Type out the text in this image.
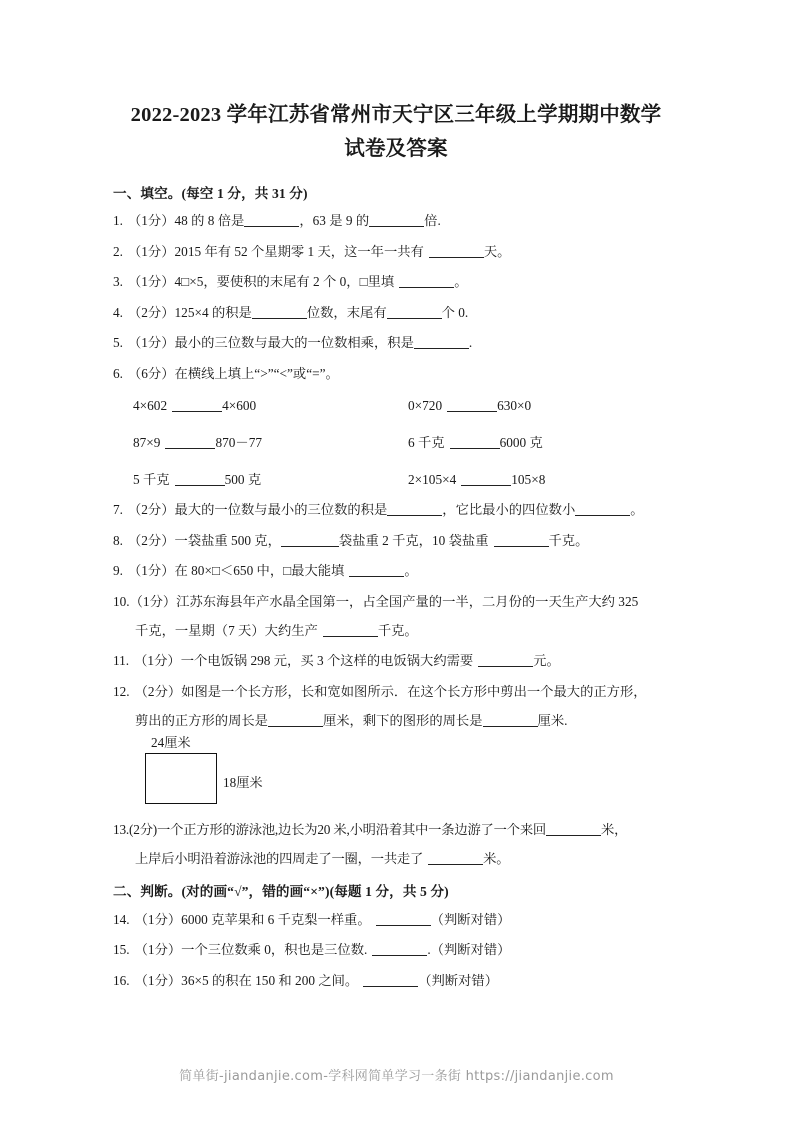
2022-2023 学年江苏省常州市天宁区三年级上学期期中数学
试卷及答案
一、填空。(每空 1 分，共 31 分)
1. （1分）48 的 8 倍是	，63 是 9 的	倍.
2. （1分）2015 年有 52 个星期零 1 天，这一年一共有	天。
3. （1分）4□×5，要使积的末尾有 2 个 0，□里填	。
4. （2分）125×4 的积是	位数，末尾有	个 0.
5. （1分）最小的三位数与最大的一位数相乘，积是	.
6. （6分）在横线上填上“>”“<”或“=”。
4×602	4×600	0×720	630×0
87×9	870－77	6 千克	6000 克
5 千克	500 克	2×105×4	105×8
7. （2分）最大的一位数与最小的三位数的积是	，它比最小的四位数小	。
8. （2分）一袋盐重 500 克，	袋盐重 2 千克，10 袋盐重	千克。
9. （1分）在 80×□＜650 中，□最大能填	。
10.（1分）江苏东海县年产水晶全国第一，占全国产量的一半，二月份的一天生产大约 325
千克，一星期（7 天）大约生产	千克。
11. （1分）一个电饭锅 298 元，买 3 个这样的电饭锅大约需要	元。
12. （2分）如图是一个长方形，长和宽如图所示．在这个长方形中剪出一个最大的正方形，
剪出的正方形的周长是	厘米，剩下的图形的周长是	厘米.
24厘米
18厘米
13.(2分)一个正方形的游泳池,边长为20 米,小明沿着其中一条边游了一个来回	米，
上岸后小明沿着游泳池的四周走了一圈，一共走了	米。
二、判断。(对的画“√”，错的画“×”)(每题 1 分，共 5 分)
14. （1分）6000 克苹果和 6 千克梨一样重。	（判断对错）
15. （1分）一个三位数乘 0，积也是三位数.	.（判断对错）
16. （1分）36×5 的积在 150 和 200 之间。	（判断对错）
简单街-jiandanjie.com-学科网简单学习一条街 https://jiandanjie.com
